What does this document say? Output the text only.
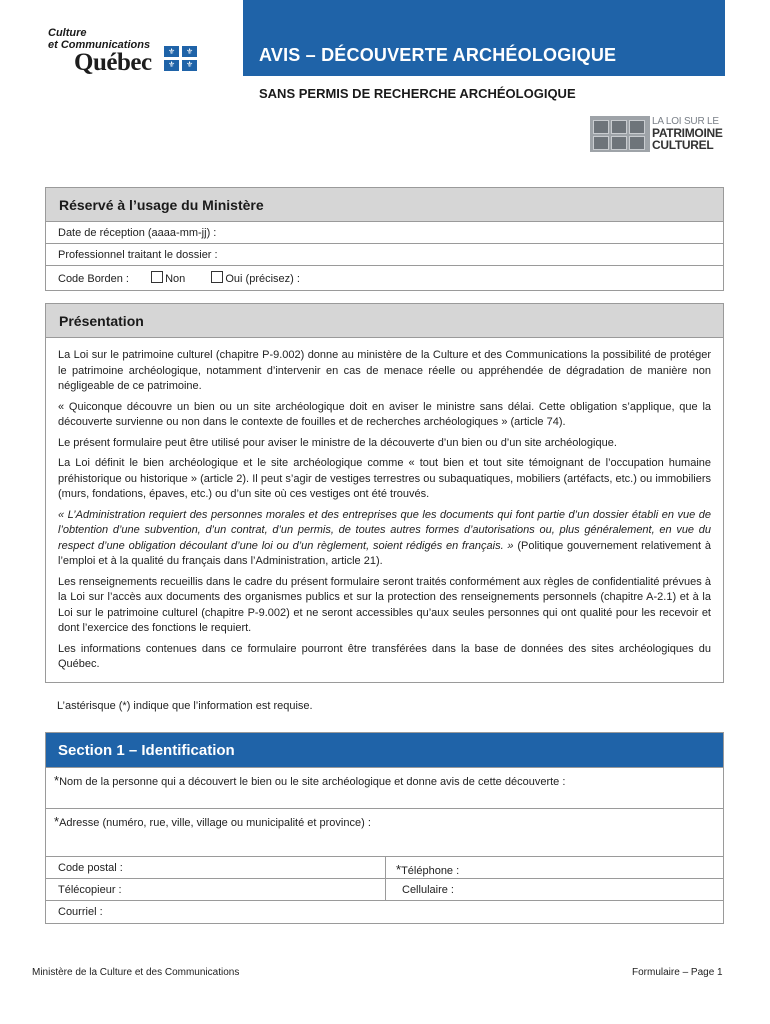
Culture
et Communications
Québec ⚜ ⚜
⚜ ⚜	AVIS – DÉCOUVERTE ARCHÉOLOGIQUE
SANS PERMIS DE RECHERCHE ARCHÉOLOGIQUE
LA LOI SUR LE
PATRIMOINE
CULTUREL
Réservé à l’usage du Ministère
Date de réception (aaaa-mm-jj) :
Professionnel traitant le dossier :
Code Borden :	Non	Oui (précisez) :
Présentation

La Loi sur le patrimoine culturel (chapitre P-9.002) donne au ministère de la Culture et des Communications la possibilité de protéger le patrimoine archéologique, notamment d’intervenir en cas de menace réelle ou appréhendée de dégradation de manière non négligeable de ce patrimoine.

« Quiconque découvre un bien ou un site archéologique doit en aviser le ministre sans délai. Cette obligation s’applique, que la découverte survienne ou non dans le contexte de fouilles et de recherches archéologiques » (article 74).

Le présent formulaire peut être utilisé pour aviser le ministre de la découverte d’un bien ou d’un site archéologique.

La Loi définit le bien archéologique et le site archéologique comme « tout bien et tout site témoignant de l’occupation humaine préhistorique ou historique » (article 2). Il peut s’agir de vestiges terrestres ou subaquatiques, mobiliers (artéfacts, etc.) ou immobiliers (murs, fondations, épaves, etc.) ou d’un site où ces vestiges ont été trouvés.

« L’Administration requiert des personnes morales et des entreprises que les documents qui font partie d’un dossier établi en vue de l’obtention d’une subvention, d’un contrat, d’un permis, de toutes autres formes d’autorisations ou, plus généralement, en vue du respect d’une obligation découlant d’une loi ou d’un règlement, soient rédigés en français. » (Politique gouvernement relativement à l’emploi et à la qualité du français dans l’Administration, article 21).

Les renseignements recueillis dans le cadre du présent formulaire seront traités conformément aux règles de confidentialité prévues à la Loi sur l’accès aux documents des organismes publics et sur la protection des renseignements personnels (chapitre A-2.1) et à la Loi sur le patrimoine culturel (chapitre P-9.002) et ne seront accessibles qu’aux seules personnes qui ont qualité pour les recevoir et dont l’exercice des fonctions le requiert.

Les informations contenues dans ce formulaire pourront être transférées dans la base de données des sites archéologiques du Québec.

L’astérisque (*) indique que l’information est requise.
Section 1 – Identification
*Nom de la personne qui a découvert le bien ou le site archéologique et donne avis de cette découverte :
*Adresse (numéro, rue, ville, village ou municipalité et province) :
Code postal :	*Téléphone :
Télécopieur :	Cellulaire :
Courriel :
Ministère de la Culture et des Communications	Formulaire – Page 1
